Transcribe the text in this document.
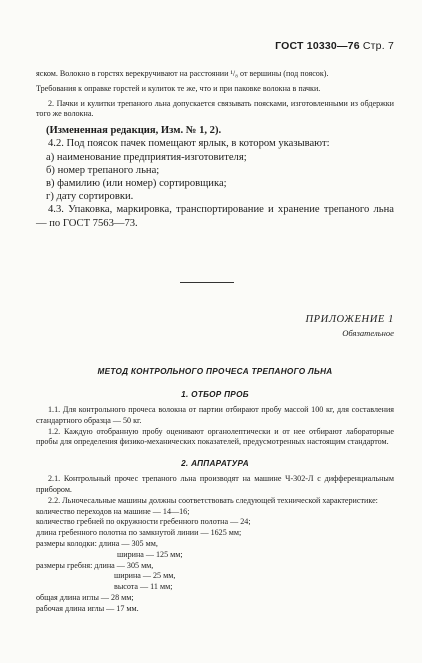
ГОСТ 10330—76 Стр. 7

яском. Волокно в горстях верекручивают на расстоянии ¹/₈ от вершины (под поясок).

Требования к оправке горстей и кулиток те же, что и при паковке волокна в пачки.

2. Пачки и кулитки трепаного льна допускается связывать поясками, изготовленными из обдержки того же волокна.

(Измененная редакция, Изм. № 1, 2).

4.2. Под поясок пачек помещают ярлык, в котором указывают:

а) наименование предприятия-изготовителя;

б) номер трепаного льна;

в) фамилию (или номер) сортировщика;

г) дату сортировки.

4.3. Упаковка, маркировка, транспортирование и хранение трепаного льна — по ГОСТ 7563—73.

ПРИЛОЖЕНИЕ 1
Обязательное

МЕТОД КОНТРОЛЬНОГО ПРОЧЕСА ТРЕПАНОГО ЛЬНА

1. ОТБОР ПРОБ

1.1. Для контрольного прочеса волокна от партии отбирают пробу массой 100 кг, для составления стандартного образца — 50 кг.

1.2. Каждую отобранную пробу оценивают органолептически и от нее отбирают лабораторные пробы для определения физико-механических показателей, предусмотренных настоящим стандартом.

2. АППАРАТУРА

2.1. Контрольный прочес трепаного льна производят на машине Ч-302-Л с дифференциальным прибором.

2.2. Льночесальные машины должны соответствовать следующей технической характеристике:

количество переходов на машине — 14—16;

количество гребней по окружности гребенного полотна — 24;

длина гребенного полотна по замкнутой линии — 1625 мм;

размеры колодки: длина — 305 мм,

ширина — 125 мм;

размеры гребня: длина — 305 мм,

ширина — 25 мм,

высота — 11 мм;

общая длина иглы — 28 мм;

рабочая длина иглы — 17 мм.
